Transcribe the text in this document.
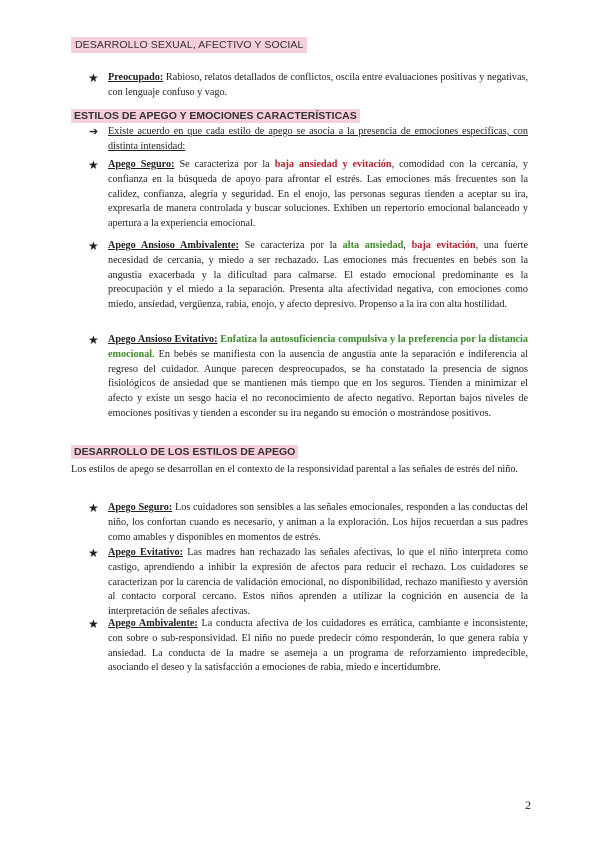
DESARROLLO SEXUAL, AFECTIVO Y SOCIAL
★ Preocupado: Rabioso, relatos detallados de conflictos, oscila entre evaluaciones positivas y negativas, con lenguaje confuso y vago.
ESTILOS DE APEGO Y EMOCIONES CARACTERÍSTICAS
➔ Existe acuerdo en que cada estilo de apego se asocia a la presencia de emociones específicas, con distinta intensidad:
★ Apego Seguro: Se caracteriza por la baja ansiedad y evitación, comodidad con la cercanía, y confianza en la búsqueda de apoyo para afrontar el estrés. Las emociones más frecuentes son la calidez, confianza, alegría y seguridad. En el enojo, las personas seguras tienden a aceptar su ira, expresarla de manera controlada y buscar soluciones. Exhiben un repertorio emocional balanceado y apertura a la experiencia emocional.
★ Apego Ansioso Ambivalente: Se caracteriza por la alta ansiedad, baja evitación, una fuerte necesidad de cercanía, y miedo a ser rechazado. Las emociones más frecuentes en bebés son la angustia exacerbada y la dificultad para calmarse. El estado emocional predominante es la preocupación y el miedo a la separación. Presenta alta afectividad negativa, con emociones como miedo, ansiedad, vergüenza, rabia, enojo, y afecto depresivo. Propenso a la ira con alta hostilidad.
★ Apego Ansioso Evitativo: Enfatiza la autosuficiencia compulsiva y la preferencia por la distancia emocional. En bebés se manifiesta con la ausencia de angustia ante la separación e indiferencia al regreso del cuidador. Aunque parecen despreocupados, se ha constatado la presencia de signos fisiológicos de ansiedad que se mantienen más tiempo que en los seguros. Tienden a minimizar el afecto y existe un sesgo hacia el no reconocimiento de afecto negativo. Reportan bajos niveles de emociones positivas y tienden a esconder su ira negando su emoción o mostrándose positivos.
DESARROLLO DE LOS ESTILOS DE APEGO
Los estilos de apego se desarrollan en el contexto de la responsividad parental a las señales de estrés del niño.
★ Apego Seguro: Los cuidadores son sensibles a las señales emocionales, responden a las conductas del niño, los confortan cuando es necesario, y animan a la exploración. Los hijos recuerdan a sus padres como amables y disponibles en momentos de estrés.
★ Apego Evitativo: Las madres han rechazado las señales afectivas, lo que el niño interpreta como castigo, aprendiendo a inhibir la expresión de afectos para reducir el rechazo. Los cuidadores se caracterizan por la carencia de validación emocional, no disponibilidad, rechazo manifiesto y aversión al contacto corporal cercano. Estos niños aprenden a utilizar la cognición en ausencia de la interpretación de señales afectivas.
★ Apego Ambivalente: La conducta afectiva de los cuidadores es errática, cambiante e inconsistente, con sobre o sub-responsividad. El niño no puede predecir cómo responderán, lo que genera rabia y ansiedad. La conducta de la madre se asemeja a un programa de reforzamiento impredecible, asociando el deseo y la satisfacción a emociones de rabia, miedo e incertidumbre.
2
